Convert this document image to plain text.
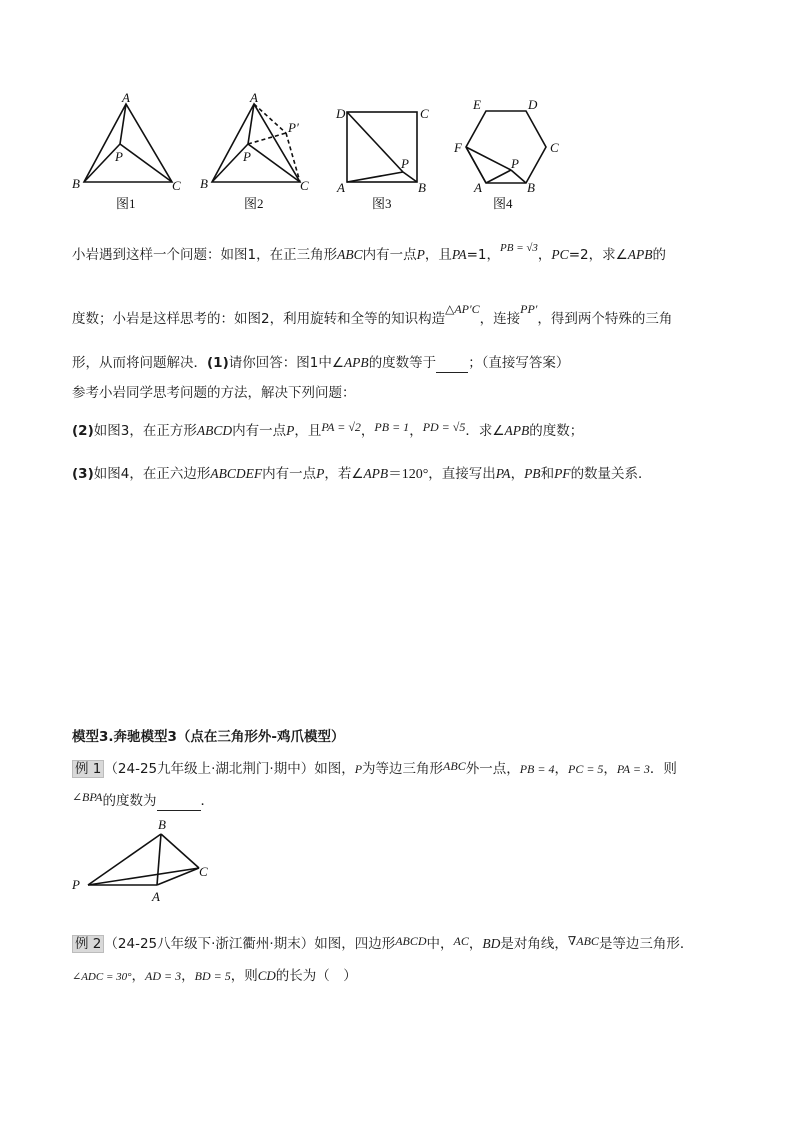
A
B	C
P
图1
A
B	C
P
P′
图2
D	C
A	B
P
图3
E	D
C
F
A	B
P
图4
小岩遇到这样一个问题：如图1，在正三角形ABC内有一点P，且PA=1，$^{PB = √3}$，PC=2，求∠APB的
度数；小岩是这样思考的：如图2，利用旋转和全等的知识构造△AP′C，连接PP′，得到两个特殊的三角
形，从而将问题解决．(1)请你回答：图1中∠APB的度数等于 ；（直接写答案）
参考小岩同学思考问题的方法，解决下列问题：
(2)如图3，在正方形ABCD内有一点P，且PA = √2，PB = 1，PD = √5．求∠APB的度数；
(3)如图4，在正六边形ABCDEF内有一点P，若∠APB＝120°，直接写出PA，PB和PF的数量关系．
模型3.奔驰模型3（点在三角形外-鸡爪模型）
例 1 （24-25九年级上·湖北荆门·期中）如图，P为等边三角形ABC外一点，PB = 4，PC = 5，PA = 3．则
∠BPA的度数为	．
B
P
C
A
例 2 （24-25八年级下·浙江衢州·期末）如图，四边形ABCD中，AC，BD是对角线，∇ABC是等边三角形．
∠ADC = 30°，AD = 3，BD = 5，则CD的长为（　）
